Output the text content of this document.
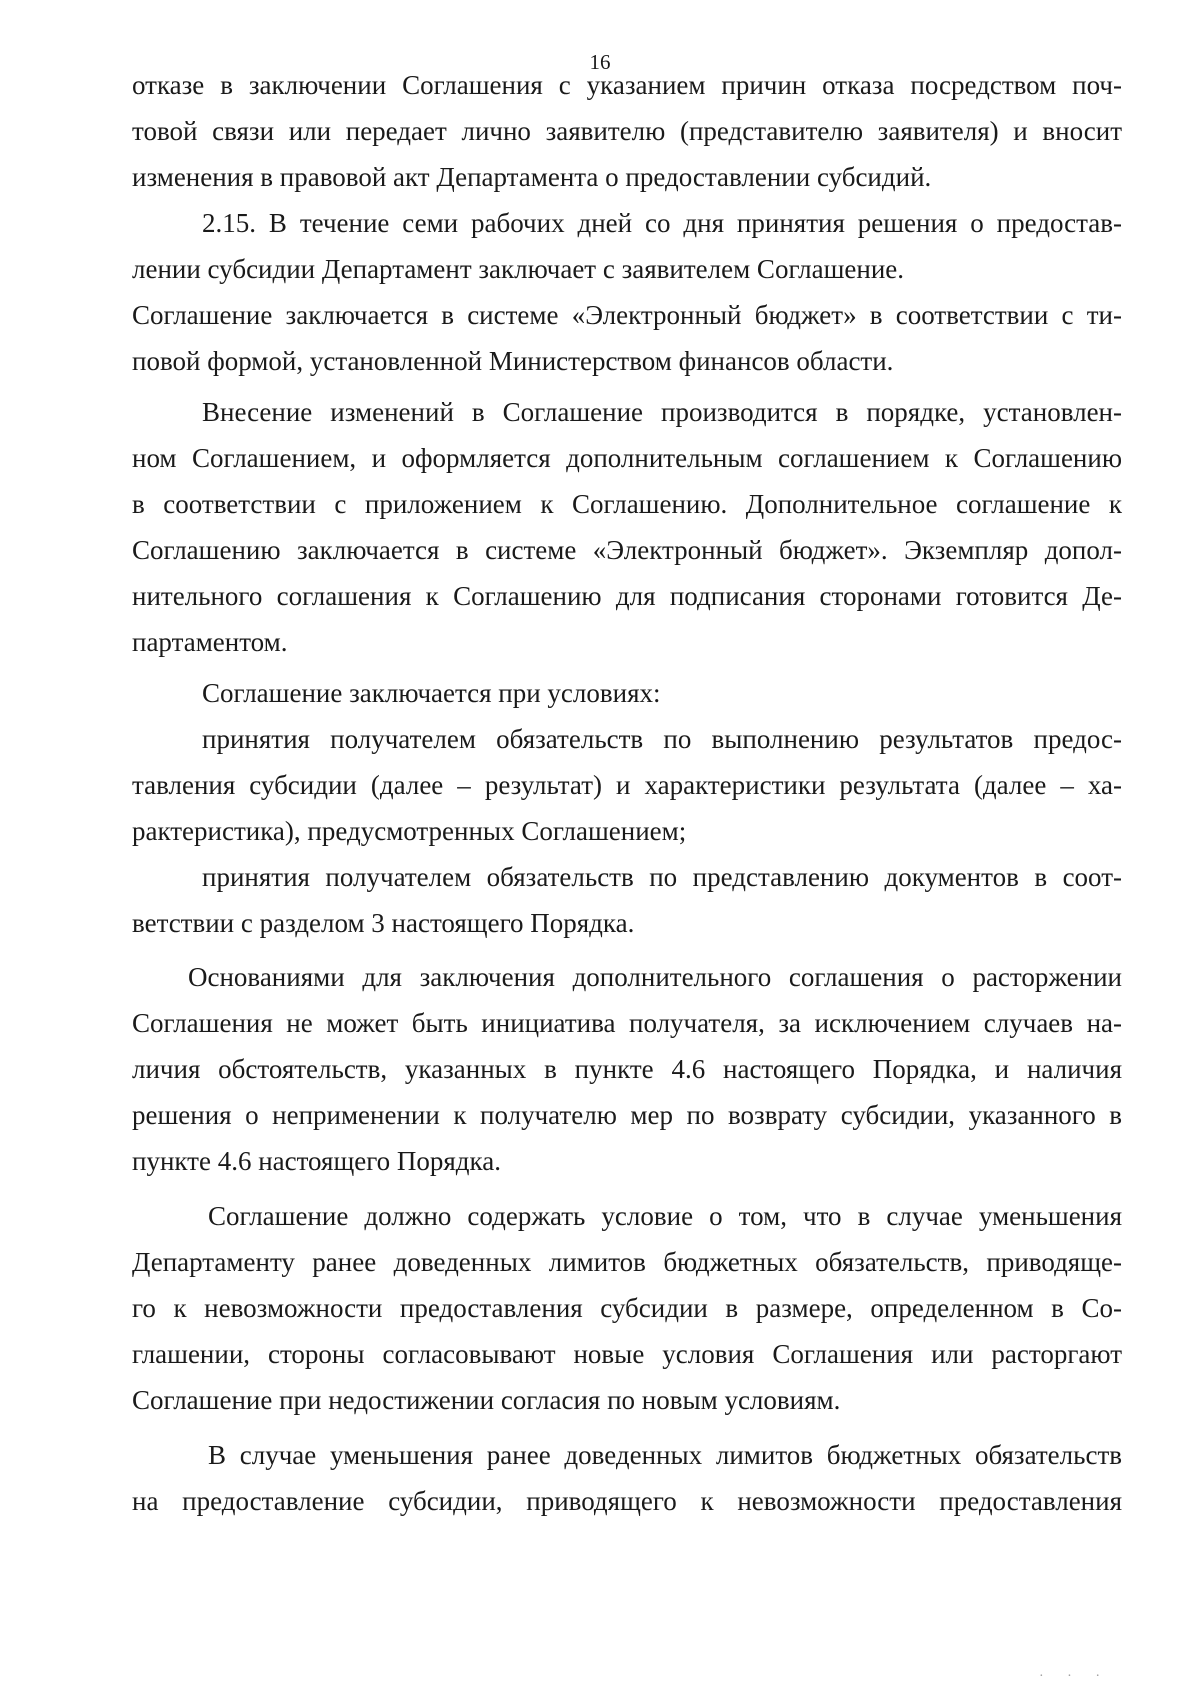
16
отказе в заключении Соглашения с указанием причин отказа посредством поч-
товой связи или передает лично заявителю (представителю заявителя) и вносит
изменения в правовой акт Департамента о предоставлении субсидий.
2.15. В течение семи рабочих дней со дня принятия решения о предостав-
лении субсидии Департамент заключает с заявителем Соглашение.
Соглашение заключается в системе «Электронный бюджет» в соответствии с ти-
повой формой, установленной Министерством финансов области.
Внесение изменений в Соглашение производится в порядке, установлен-
ном Соглашением, и оформляется дополнительным соглашением к Соглашению
в соответствии с приложением к Соглашению. Дополнительное соглашение к
Соглашению заключается в системе «Электронный бюджет». Экземпляр допол-
нительного соглашения к Соглашению для подписания сторонами готовится Де-
партаментом.
Соглашение заключается при условиях:
принятия получателем обязательств по выполнению результатов предос-
тавления субсидии (далее – результат) и характеристики результата (далее – ха-
рактеристика), предусмотренных Соглашением;
принятия получателем обязательств по представлению документов в соот-
ветствии с разделом 3 настоящего Порядка.
Основаниями для заключения дополнительного соглашения о расторжении
Соглашения не может быть инициатива получателя, за исключением случаев на-
личия обстоятельств, указанных в пункте 4.6 настоящего Порядка, и наличия
решения о неприменении к получателю мер по возврату субсидии, указанного в
пункте 4.6 настоящего Порядка.
Соглашение должно содержать условие о том, что в случае уменьшения
Департаменту ранее доведенных лимитов бюджетных обязательств, приводяще-
го к невозможности предоставления субсидии в размере, определенном в Со-
глашении, стороны согласовывают новые условия Соглашения или расторгают
Соглашение при недостижении согласия по новым условиям.
В случае уменьшения ранее доведенных лимитов бюджетных обязательств
на предоставление субсидии, приводящего к невозможности предоставления
· · ·
